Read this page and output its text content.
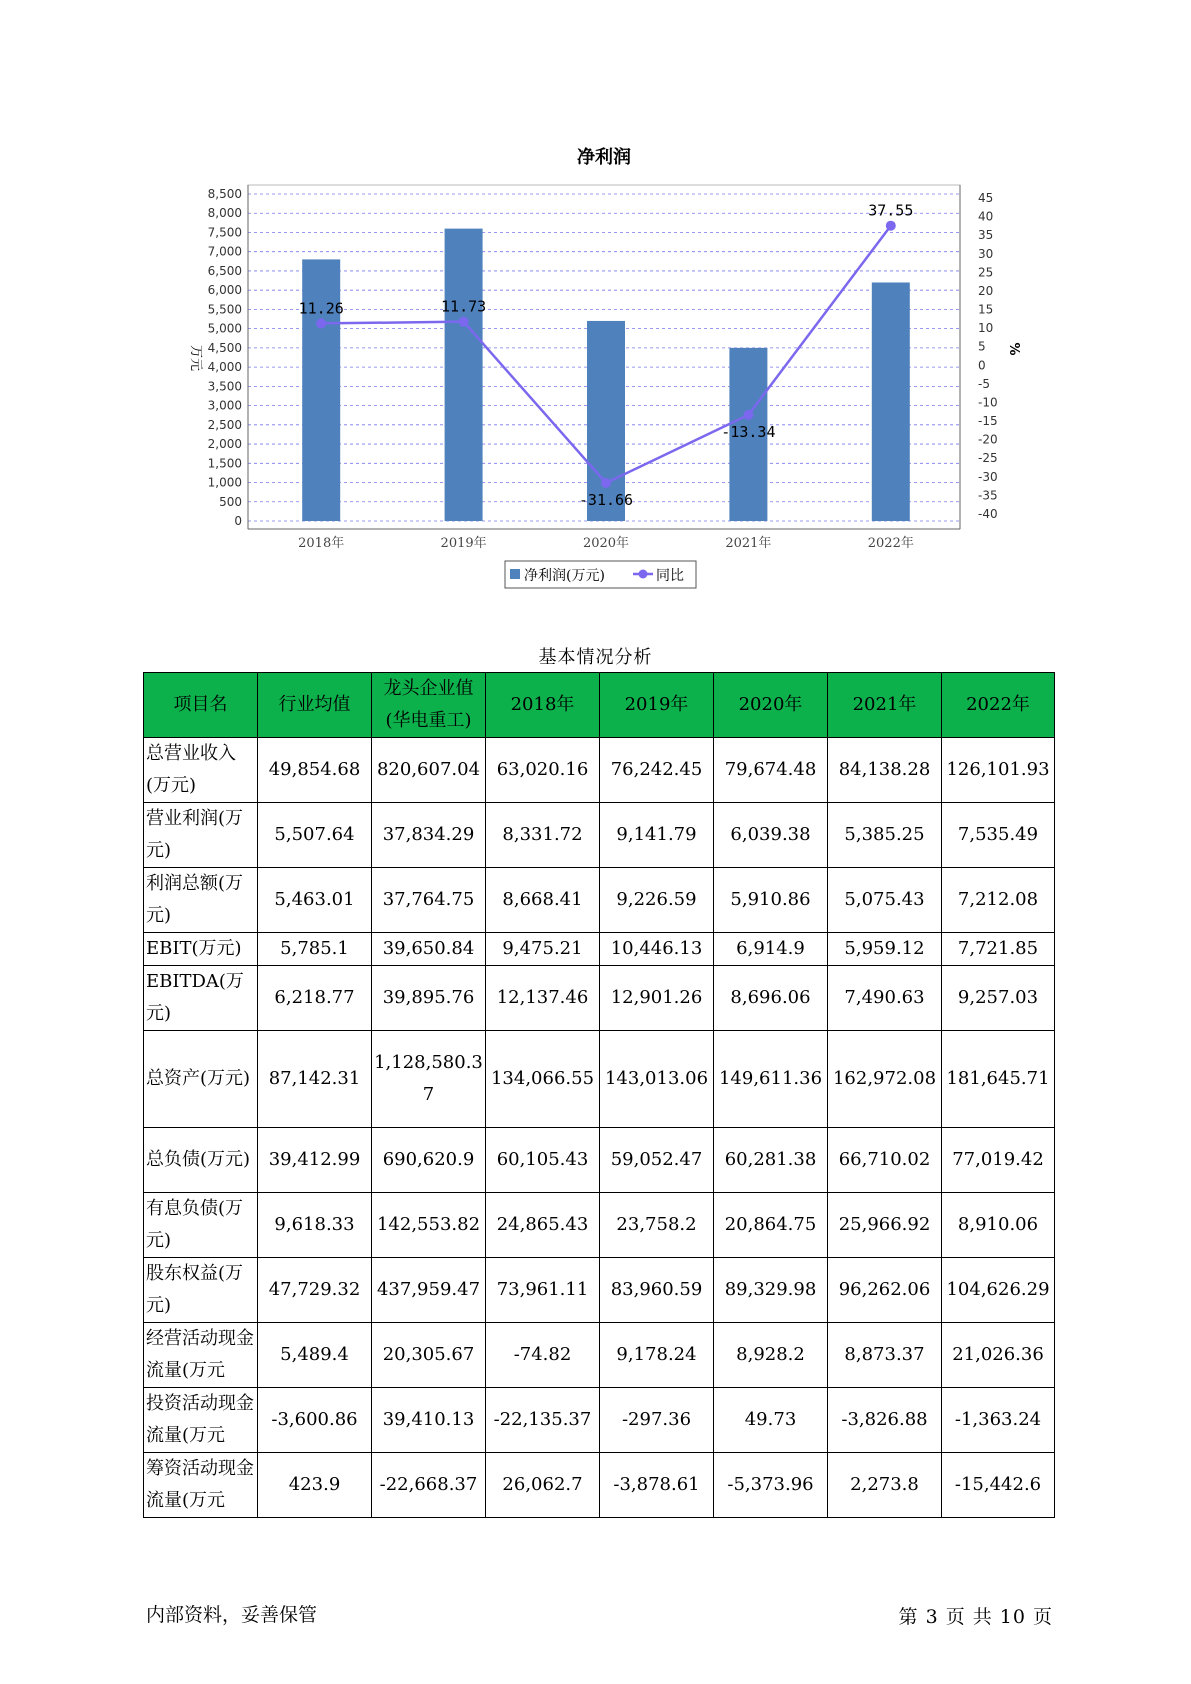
净利润
0
500
1,000
1,500
2,000
2,500
3,000
3,500
4,000
4,500
5,000
5,500
6,000
6,500
7,000
7,500
8,000
8,500	45
40
35
30
25
20
15
10
5
0
-5
-10
-15
-20
-25
-30
-35
-40
万元	%
2018年	2019年	2020年	2021年	2022年
11.26	11.73
-31.66
-13.34
37.55
净利润(万元)	同比
基本情况分析
项目名	行业均值	龙头企业值(华电重工)	2018年	2019年	2020年	2021年	2022年
总营业收入(万元)	49,854.68	820,607.04	63,020.16	76,242.45	79,674.48	84,138.28	126,101.93
营业利润(万元)	5,507.64	37,834.29	8,331.72	9,141.79	6,039.38	5,385.25	7,535.49
利润总额(万元)	5,463.01	37,764.75	8,668.41	9,226.59	5,910.86	5,075.43	7,212.08
EBIT(万元)	5,785.1	39,650.84	9,475.21	10,446.13	6,914.9	5,959.12	7,721.85
EBITDA(万元)	6,218.77	39,895.76	12,137.46	12,901.26	8,696.06	7,490.63	9,257.03
总资产(万元)	87,142.31	1,128,580.37	134,066.55	143,013.06	149,611.36	162,972.08	181,645.71
总负债(万元)	39,412.99	690,620.9	60,105.43	59,052.47	60,281.38	66,710.02	77,019.42
有息负债(万元)	9,618.33	142,553.82	24,865.43	23,758.2	20,864.75	25,966.92	8,910.06
股东权益(万元)	47,729.32	437,959.47	73,961.11	83,960.59	89,329.98	96,262.06	104,626.29
经营活动现金流量(万元	5,489.4	20,305.67	-74.82	9,178.24	8,928.2	8,873.37	21,026.36
投资活动现金流量(万元	-3,600.86	39,410.13	-22,135.37	-297.36	49.73	-3,826.88	-1,363.24
筹资活动现金流量(万元	423.9	-22,668.37	26,062.7	-3,878.61	-5,373.96	2,273.8	-15,442.6
内部资料，妥善保管	第 3 页 共 10 页
